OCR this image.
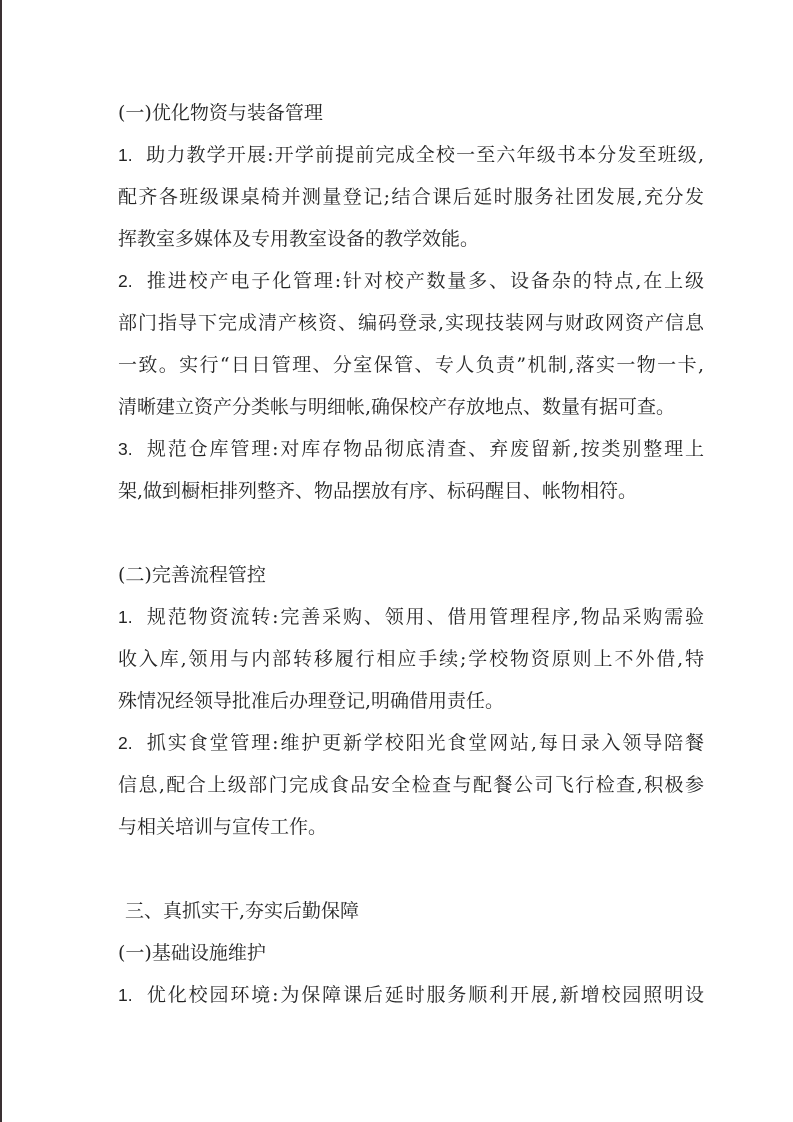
(一)优化物资与装备管理
1. 助力教学开展:开学前提前完成全校一至六年级书本分发至班级,
配齐各班级课桌椅并测量登记;结合课后延时服务社团发展,充分发
挥教室多媒体及专用教室设备的教学效能。
2. 推进校产电子化管理:针对校产数量多、设备杂的特点,在上级
部门指导下完成清产核资、编码登录,实现技装网与财政网资产信息
一致。实行“日日管理、分室保管、专人负责”机制,落实一物一卡,
清晰建立资产分类帐与明细帐,确保校产存放地点、数量有据可查。
3. 规范仓库管理:对库存物品彻底清查、弃废留新,按类别整理上
架,做到橱柜排列整齐、物品摆放有序、标码醒目、帐物相符。
(二)完善流程管控
1. 规范物资流转:完善采购、领用、借用管理程序,物品采购需验
收入库,领用与内部转移履行相应手续;学校物资原则上不外借,特
殊情况经领导批准后办理登记,明确借用责任。
2. 抓实食堂管理:维护更新学校阳光食堂网站,每日录入领导陪餐
信息,配合上级部门完成食品安全检查与配餐公司飞行检查,积极参
与相关培训与宣传工作。
三、真抓实干,夯实后勤保障
(一)基础设施维护
1. 优化校园环境:为保障课后延时服务顺利开展,新增校园照明设
